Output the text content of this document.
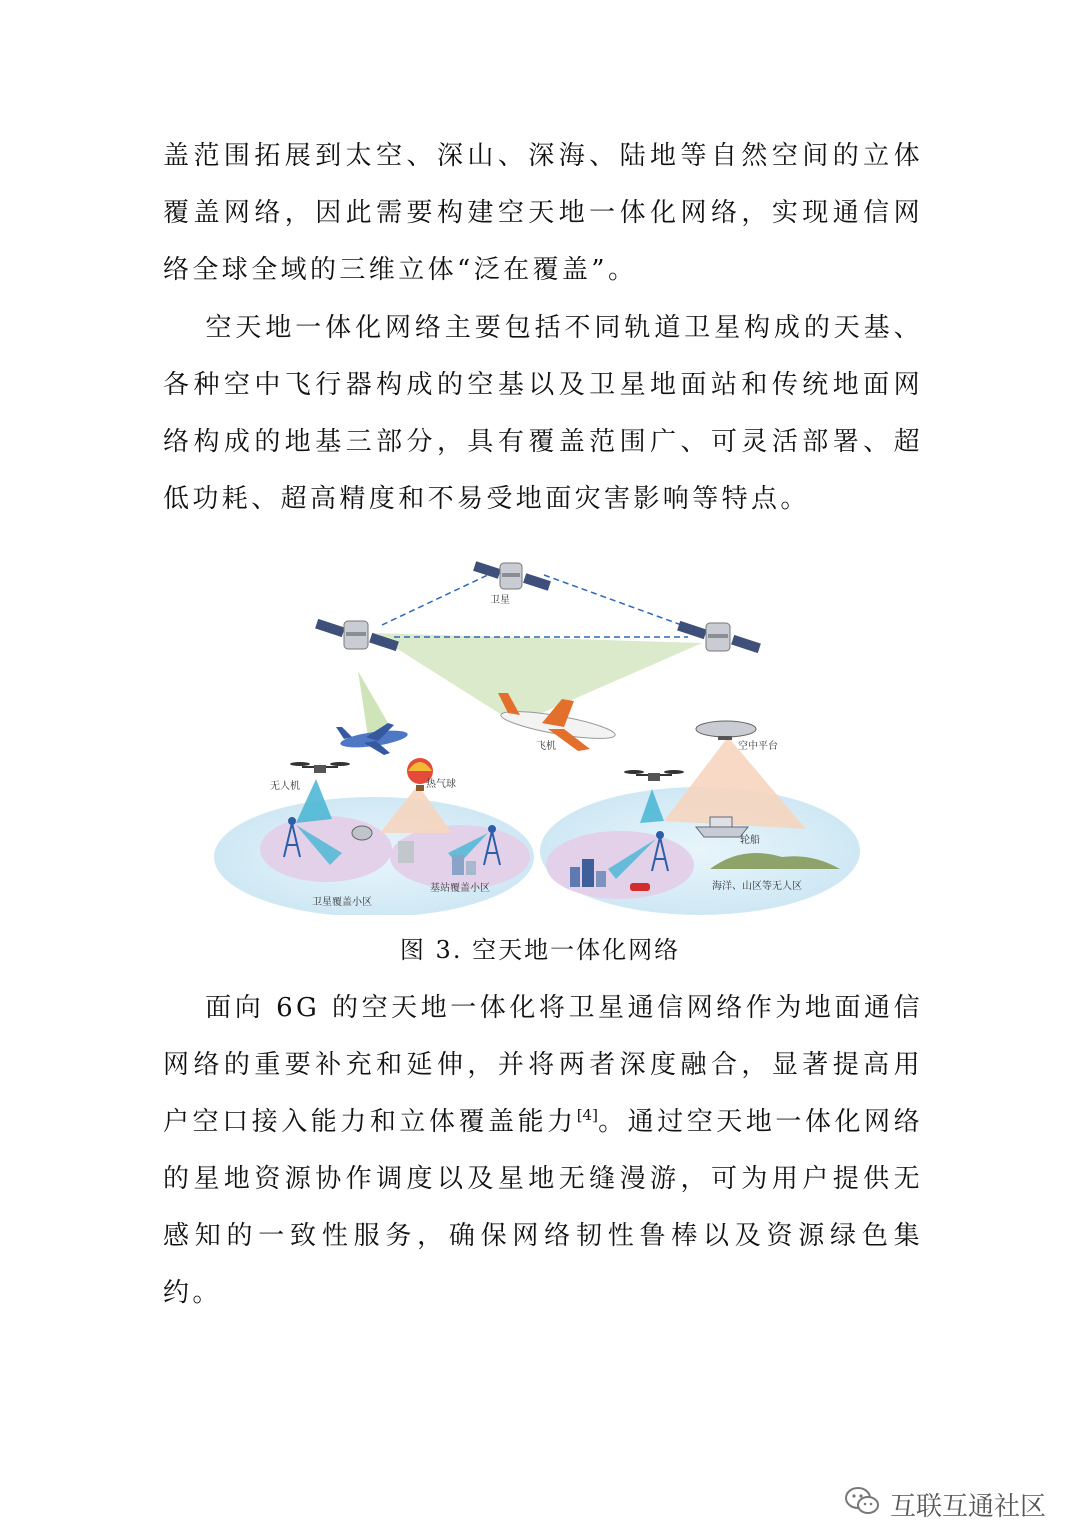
盖范围拓展到太空、深山、深海、陆地等自然空间的立体覆盖网络，因此需要构建空天地一体化网络，实现通信网络全球全域的三维立体“泛在覆盖”。

空天地一体化网络主要包括不同轨道卫星构成的天基、各种空中飞行器构成的空基以及卫星地面站和传统地面网络构成的地基三部分，具有覆盖范围广、可灵活部署、超低功耗、超高精度和不易受地面灾害影响等特点。

卫星
飞机	空中平台
无人机	热气球
轮船
卫星覆盖小区
基站覆盖小区	海洋、山区等无人区
图 3. 空天地一体化网络

面向 6G 的空天地一体化将卫星通信网络作为地面通信网络的重要补充和延伸，并将两者深度融合，显著提高用户空口接入能力和立体覆盖能力[4]。通过空天地一体化网络的星地资源协作调度以及星地无缝漫游，可为用户提供无感知的一致性服务，确保网络韧性鲁棒以及资源绿色集约。

互联互通社区
